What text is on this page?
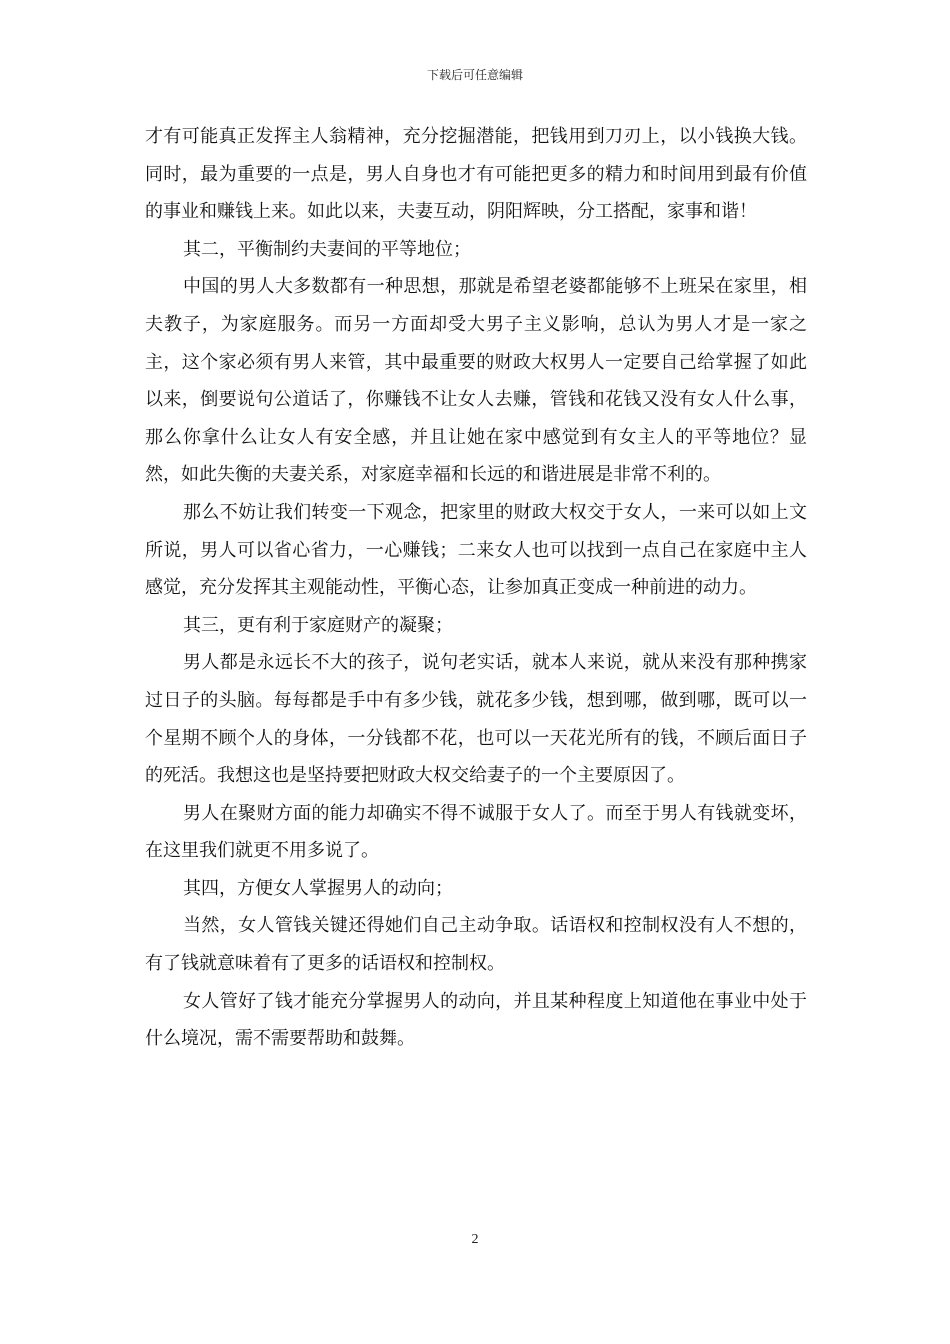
下载后可任意编辑

才有可能真正发挥主人翁精神，充分挖掘潜能，把钱用到刀刃上，以小钱换大钱。同时，最为重要的一点是，男人自身也才有可能把更多的精力和时间用到最有价值的事业和赚钱上来。如此以来，夫妻互动，阴阳辉映，分工搭配，家事和谐！

其二，平衡制约夫妻间的平等地位；

中国的男人大多数都有一种思想，那就是希望老婆都能够不上班呆在家里，相夫教子，为家庭服务。而另一方面却受大男子主义影响，总认为男人才是一家之主，这个家必须有男人来管，其中最重要的财政大权男人一定要自己给掌握了如此以来，倒要说句公道话了，你赚钱不让女人去赚，管钱和花钱又没有女人什么事，那么你拿什么让女人有安全感，并且让她在家中感觉到有女主人的平等地位？显然，如此失衡的夫妻关系，对家庭幸福和长远的和谐进展是非常不利的。

那么不妨让我们转变一下观念，把家里的财政大权交于女人，一来可以如上文所说，男人可以省心省力，一心赚钱；二来女人也可以找到一点自己在家庭中主人感觉，充分发挥其主观能动性，平衡心态，让参加真正变成一种前进的动力。

其三，更有利于家庭财产的凝聚；

男人都是永远长不大的孩子，说句老实话，就本人来说，就从来没有那种携家过日子的头脑。每每都是手中有多少钱，就花多少钱，想到哪，做到哪，既可以一个星期不顾个人的身体，一分钱都不花，也可以一天花光所有的钱，不顾后面日子的死活。我想这也是坚持要把财政大权交给妻子的一个主要原因了。

男人在聚财方面的能力却确实不得不诚服于女人了。而至于男人有钱就变坏，在这里我们就更不用多说了。

其四，方便女人掌握男人的动向；

当然，女人管钱关键还得她们自己主动争取。话语权和控制权没有人不想的，有了钱就意味着有了更多的话语权和控制权。

女人管好了钱才能充分掌握男人的动向，并且某种程度上知道他在事业中处于什么境况，需不需要帮助和鼓舞。

2
